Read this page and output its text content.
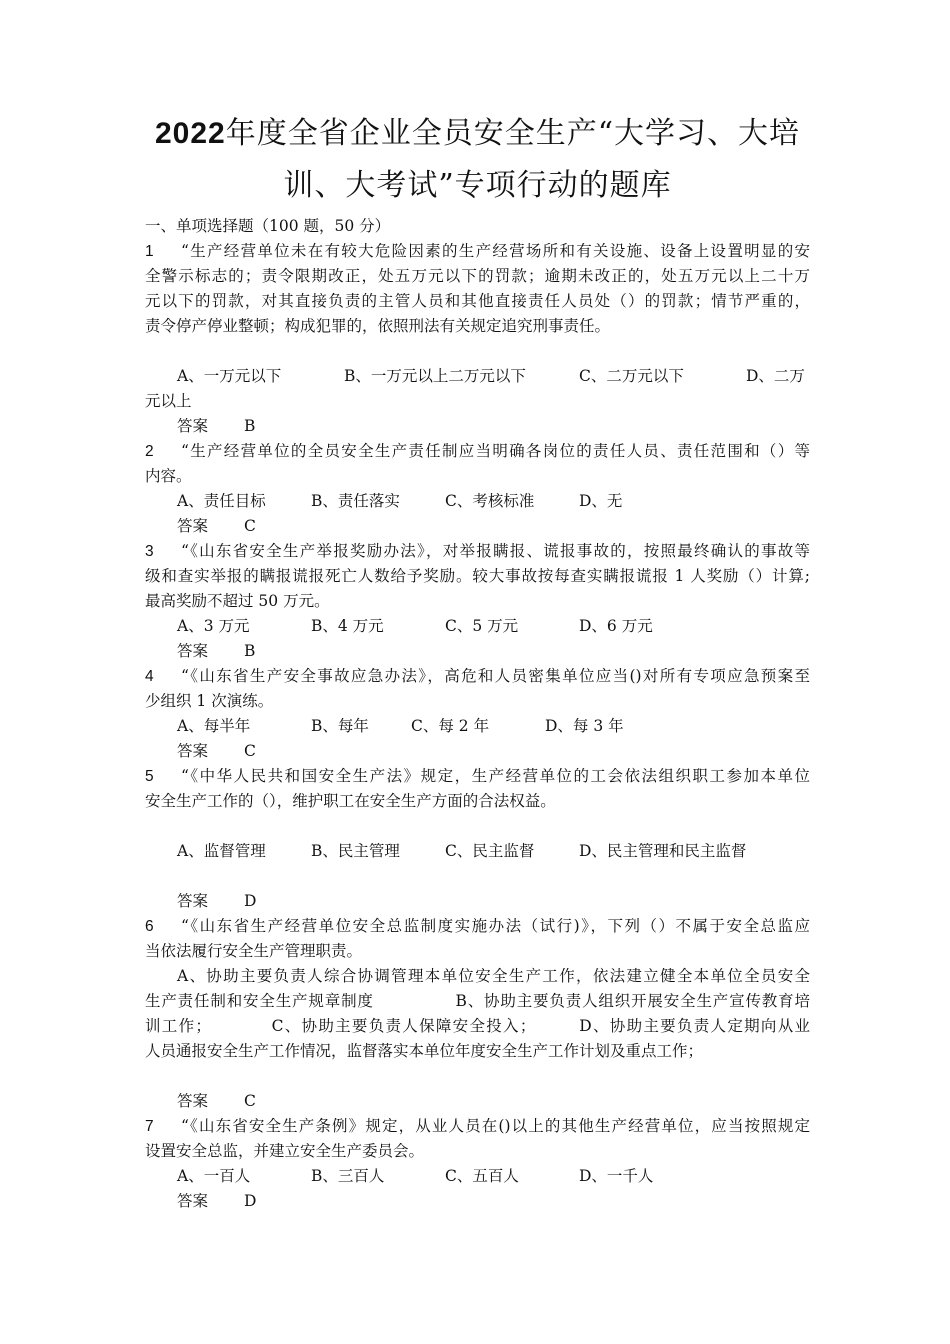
2022年度全省企业全员安全生产“大学习、大培
训、大考试”专项行动的题库
一、单项选择题（100 题，50 分）
1 “生产经营单位未在有较大危险因素的生产经营场所和有关设施、设备上设置明显的安
全警示标志的；责令限期改正，处五万元以下的罚款；逾期未改正的，处五万元以上二十万
元以下的罚款，对其直接负责的主管人员和其他直接责任人员处（）的罚款；情节严重的，
责令停产停业整顿；构成犯罪的，依照刑法有关规定追究刑事责任。
A、一万元以下	B、一万元以上二万元以下	C、二万元以下	D、二万
元以上
答案 B
2 “生产经营单位的全员安全生产责任制应当明确各岗位的责任人员、责任范围和（）等
内容。
A、责任目标	B、责任落实	C、考核标准	D、无
答案 C
3 “《山东省安全生产举报奖励办法》，对举报瞒报、谎报事故的，按照最终确认的事故等
级和查实举报的瞒报谎报死亡人数给予奖励。较大事故按每查实瞒报谎报 1 人奖励（）计算;
最高奖励不超过 50 万元。
A、3 万元	B、4 万元	C、5 万元	D、6 万元
答案 B
4 “《山东省生产安全事故应急办法》，高危和人员密集单位应当()对所有专项应急预案至
少组织 1 次演练。
A、每半年	B、每年	C、每 2 年	D、每 3 年
答案 C
5 “《中华人民共和国安全生产法》规定，生产经营单位的工会依法组织职工参加本单位
安全生产工作的（），维护职工在安全生产方面的合法权益。
A、监督管理	B、民主管理	C、民主监督	D、民主管理和民主监督
答案 D
6 “《山东省生产经营单位安全总监制度实施办法（试行)》，下列（）不属于安全总监应
当依法履行安全生产管理职责。
A、协助主要负责人综合协调管理本单位安全生产工作，依法建立健全本单位全员安全
生产责任制和安全生产规章制度　　　　　B、协助主要负责人组织开展安全生产宣传教育培
训工作；　　　　C、协助主要负责人保障安全投入；　　　D、协助主要负责人定期向从业
人员通报安全生产工作情况，监督落实本单位年度安全生产工作计划及重点工作；
答案 C
7 “《山东省安全生产条例》规定，从业人员在()以上的其他生产经营单位，应当按照规定
设置安全总监，并建立安全生产委员会。
A、一百人	B、三百人	C、五百人	D、一千人
答案 D
